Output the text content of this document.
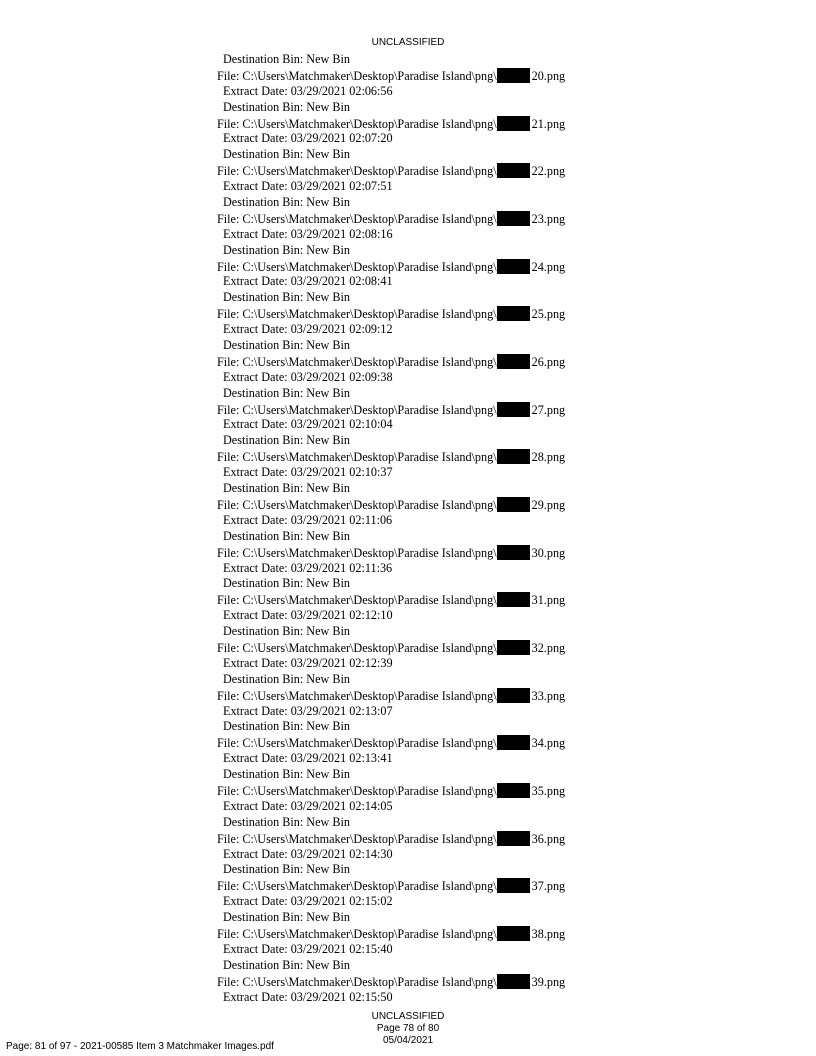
UNCLASSIFIED
Destination Bin: New Bin
File: C:\Users\Matchmaker\Desktop\Paradise Island\png\	20.png
Extract Date: 03/29/2021 02:06:56
Destination Bin: New Bin
File: C:\Users\Matchmaker\Desktop\Paradise Island\png\	21.png
Extract Date: 03/29/2021 02:07:20
Destination Bin: New Bin
File: C:\Users\Matchmaker\Desktop\Paradise Island\png\	22.png
Extract Date: 03/29/2021 02:07:51
Destination Bin: New Bin
File: C:\Users\Matchmaker\Desktop\Paradise Island\png\	23.png
Extract Date: 03/29/2021 02:08:16
Destination Bin: New Bin
File: C:\Users\Matchmaker\Desktop\Paradise Island\png\	24.png
Extract Date: 03/29/2021 02:08:41
Destination Bin: New Bin
File: C:\Users\Matchmaker\Desktop\Paradise Island\png\	25.png
Extract Date: 03/29/2021 02:09:12
Destination Bin: New Bin
File: C:\Users\Matchmaker\Desktop\Paradise Island\png\	26.png
Extract Date: 03/29/2021 02:09:38
Destination Bin: New Bin
File: C:\Users\Matchmaker\Desktop\Paradise Island\png\	27.png
Extract Date: 03/29/2021 02:10:04
Destination Bin: New Bin
File: C:\Users\Matchmaker\Desktop\Paradise Island\png\	28.png
Extract Date: 03/29/2021 02:10:37
Destination Bin: New Bin
File: C:\Users\Matchmaker\Desktop\Paradise Island\png\	29.png
Extract Date: 03/29/2021 02:11:06
Destination Bin: New Bin
File: C:\Users\Matchmaker\Desktop\Paradise Island\png\	30.png
Extract Date: 03/29/2021 02:11:36
Destination Bin: New Bin
File: C:\Users\Matchmaker\Desktop\Paradise Island\png\	31.png
Extract Date: 03/29/2021 02:12:10
Destination Bin: New Bin
File: C:\Users\Matchmaker\Desktop\Paradise Island\png\	32.png
Extract Date: 03/29/2021 02:12:39
Destination Bin: New Bin
File: C:\Users\Matchmaker\Desktop\Paradise Island\png\	33.png
Extract Date: 03/29/2021 02:13:07
Destination Bin: New Bin
File: C:\Users\Matchmaker\Desktop\Paradise Island\png\	34.png
Extract Date: 03/29/2021 02:13:41
Destination Bin: New Bin
File: C:\Users\Matchmaker\Desktop\Paradise Island\png\	35.png
Extract Date: 03/29/2021 02:14:05
Destination Bin: New Bin
File: C:\Users\Matchmaker\Desktop\Paradise Island\png\	36.png
Extract Date: 03/29/2021 02:14:30
Destination Bin: New Bin
File: C:\Users\Matchmaker\Desktop\Paradise Island\png\	37.png
Extract Date: 03/29/2021 02:15:02
Destination Bin: New Bin
File: C:\Users\Matchmaker\Desktop\Paradise Island\png\	38.png
Extract Date: 03/29/2021 02:15:40
Destination Bin: New Bin
File: C:\Users\Matchmaker\Desktop\Paradise Island\png\	39.png
Extract Date: 03/29/2021 02:15:50
UNCLASSIFIED
Page 78 of 80
05/04/2021
Page: 81 of 97 - 2021-00585 Item 3 Matchmaker Images.pdf
